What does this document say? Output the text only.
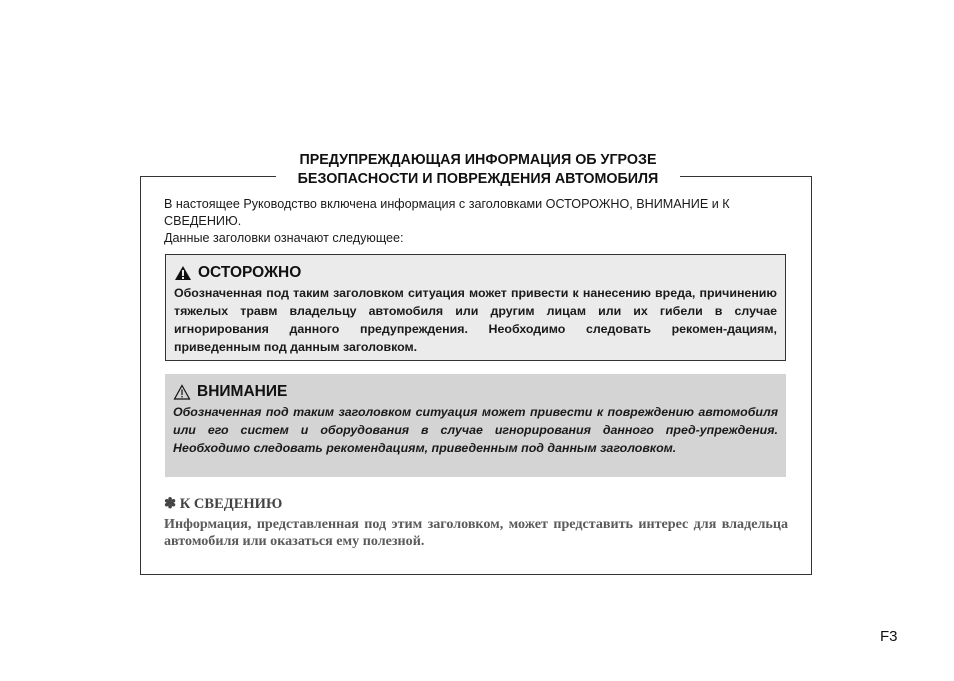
ПРЕДУПРЕЖДАЮЩАЯ ИНФОРМАЦИЯ ОБ УГРОЗЕ
БЕЗОПАСНОСТИ И ПОВРЕЖДЕНИЯ АВТОМОБИЛЯ
В настоящее Руководство включена информация с заголовками ОСТОРОЖНО, ВНИМАНИЕ и К СВЕДЕНИЮ.
Данные заголовки означают следующее:
ОСТОРОЖНО
Обозначенная под таким заголовком ситуация может привести к нанесению вреда, причинению тяжелых травм владельцу автомобиля или другим лицам или их гибели в случае игнорирования данного предупреждения. Необходимо следовать рекомен-дациям, приведенным под данным заголовком.
ВНИМАНИЕ
Обозначенная под таким заголовком ситуация может привести к повреждению автомобиля или его систем и оборудования в случае игнорирования данного пред-упреждения. Необходимо следовать рекомендациям, приведенным под данным заголовком.
✽ К СВЕДЕНИЮ
Информация, представленная под этим заголовком, может представить интерес для владельца автомобиля или оказаться ему полезной.
F3
